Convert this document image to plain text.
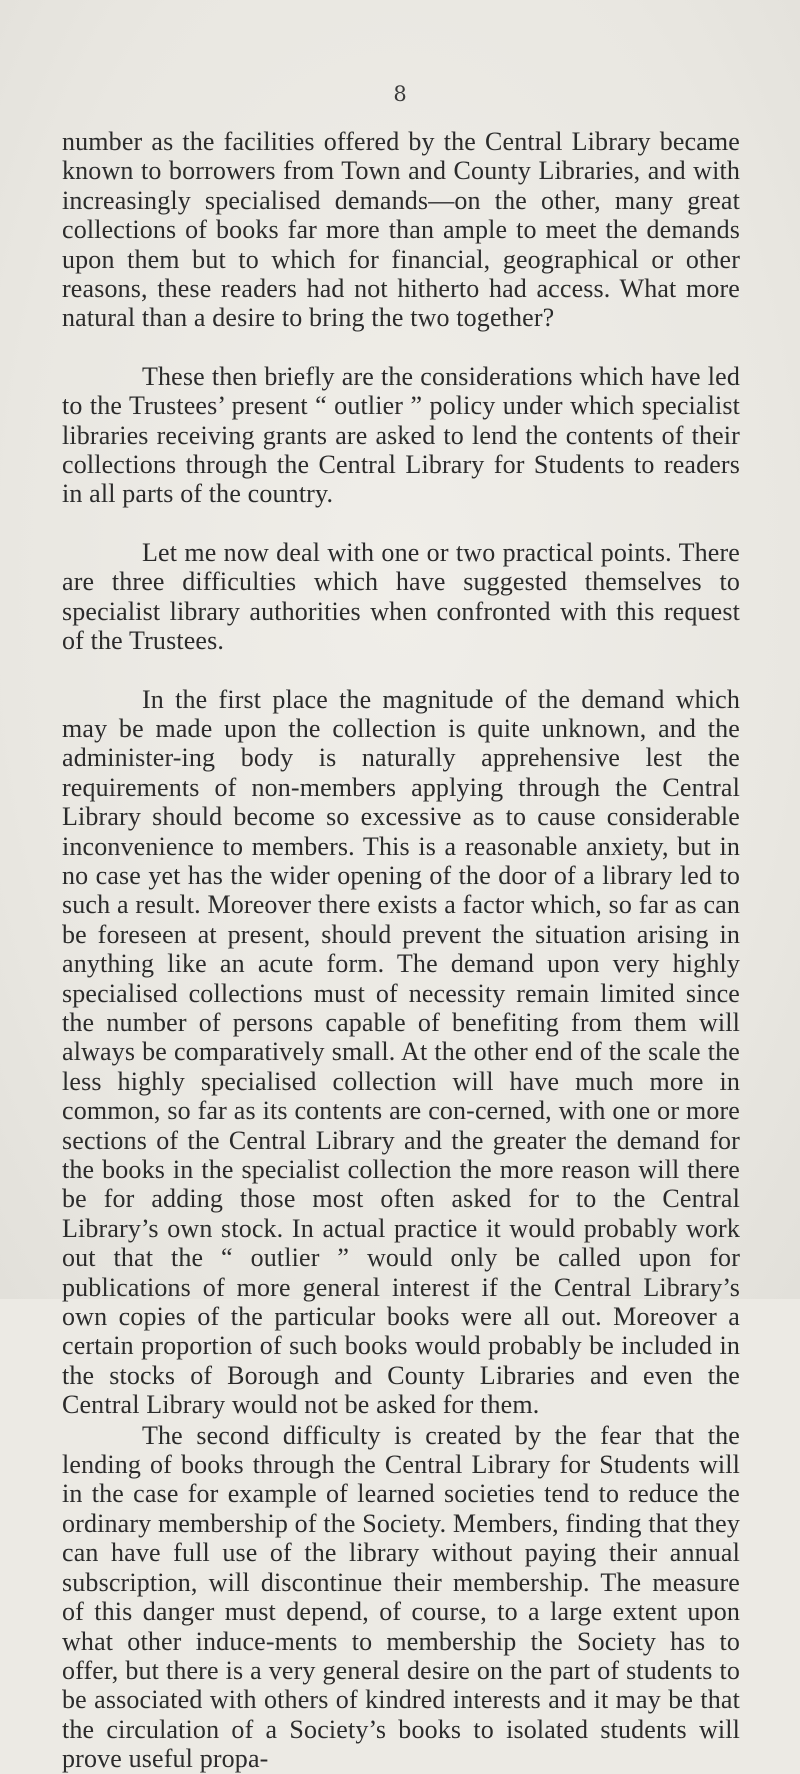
8

number as the facilities offered by the Central Library became known to borrowers from Town and County Libraries, and with increasingly specialised demands—on the other, many great collections of books far more than ample to meet the demands upon them but to which for financial, geographical or other reasons, these readers had not hitherto had access. What more natural than a desire to bring the two together?

These then briefly are the considerations which have led to the Trustees’ present “ outlier ” policy under which specialist libraries receiving grants are asked to lend the contents of their collections through the Central Library for Students to readers in all parts of the country.

Let me now deal with one or two practical points. There are three difficulties which have suggested themselves to specialist library authorities when confronted with this request of the Trustees.

In the first place the magnitude of the demand which may be made upon the collection is quite unknown, and the administer-ing body is naturally apprehensive lest the requirements of non-members applying through the Central Library should become so excessive as to cause considerable inconvenience to members. This is a reasonable anxiety, but in no case yet has the wider opening of the door of a library led to such a result. Moreover there exists a factor which, so far as can be foreseen at present, should prevent the situation arising in anything like an acute form. The demand upon very highly specialised collections must of necessity remain limited since the number of persons capable of benefiting from them will always be comparatively small. At the other end of the scale the less highly specialised collection will have much more in common, so far as its contents are con-cerned, with one or more sections of the Central Library and the greater the demand for the books in the specialist collection the more reason will there be for adding those most often asked for to the Central Library’s own stock. In actual practice it would probably work out that the “ outlier ” would only be called upon for publications of more general interest if the Central Library’s own copies of the particular books were all out. Moreover a certain proportion of such books would probably be included in the stocks of Borough and County Libraries and even the Central Library would not be asked for them.

The second difficulty is created by the fear that the lending of books through the Central Library for Students will in the case for example of learned societies tend to reduce the ordinary membership of the Society. Members, finding that they can have full use of the library without paying their annual subscription, will discontinue their membership. The measure of this danger must depend, of course, to a large extent upon what other induce-ments to membership the Society has to offer, but there is a very general desire on the part of students to be associated with others of kindred interests and it may be that the circulation of a Society’s books to isolated students will prove useful propa-
